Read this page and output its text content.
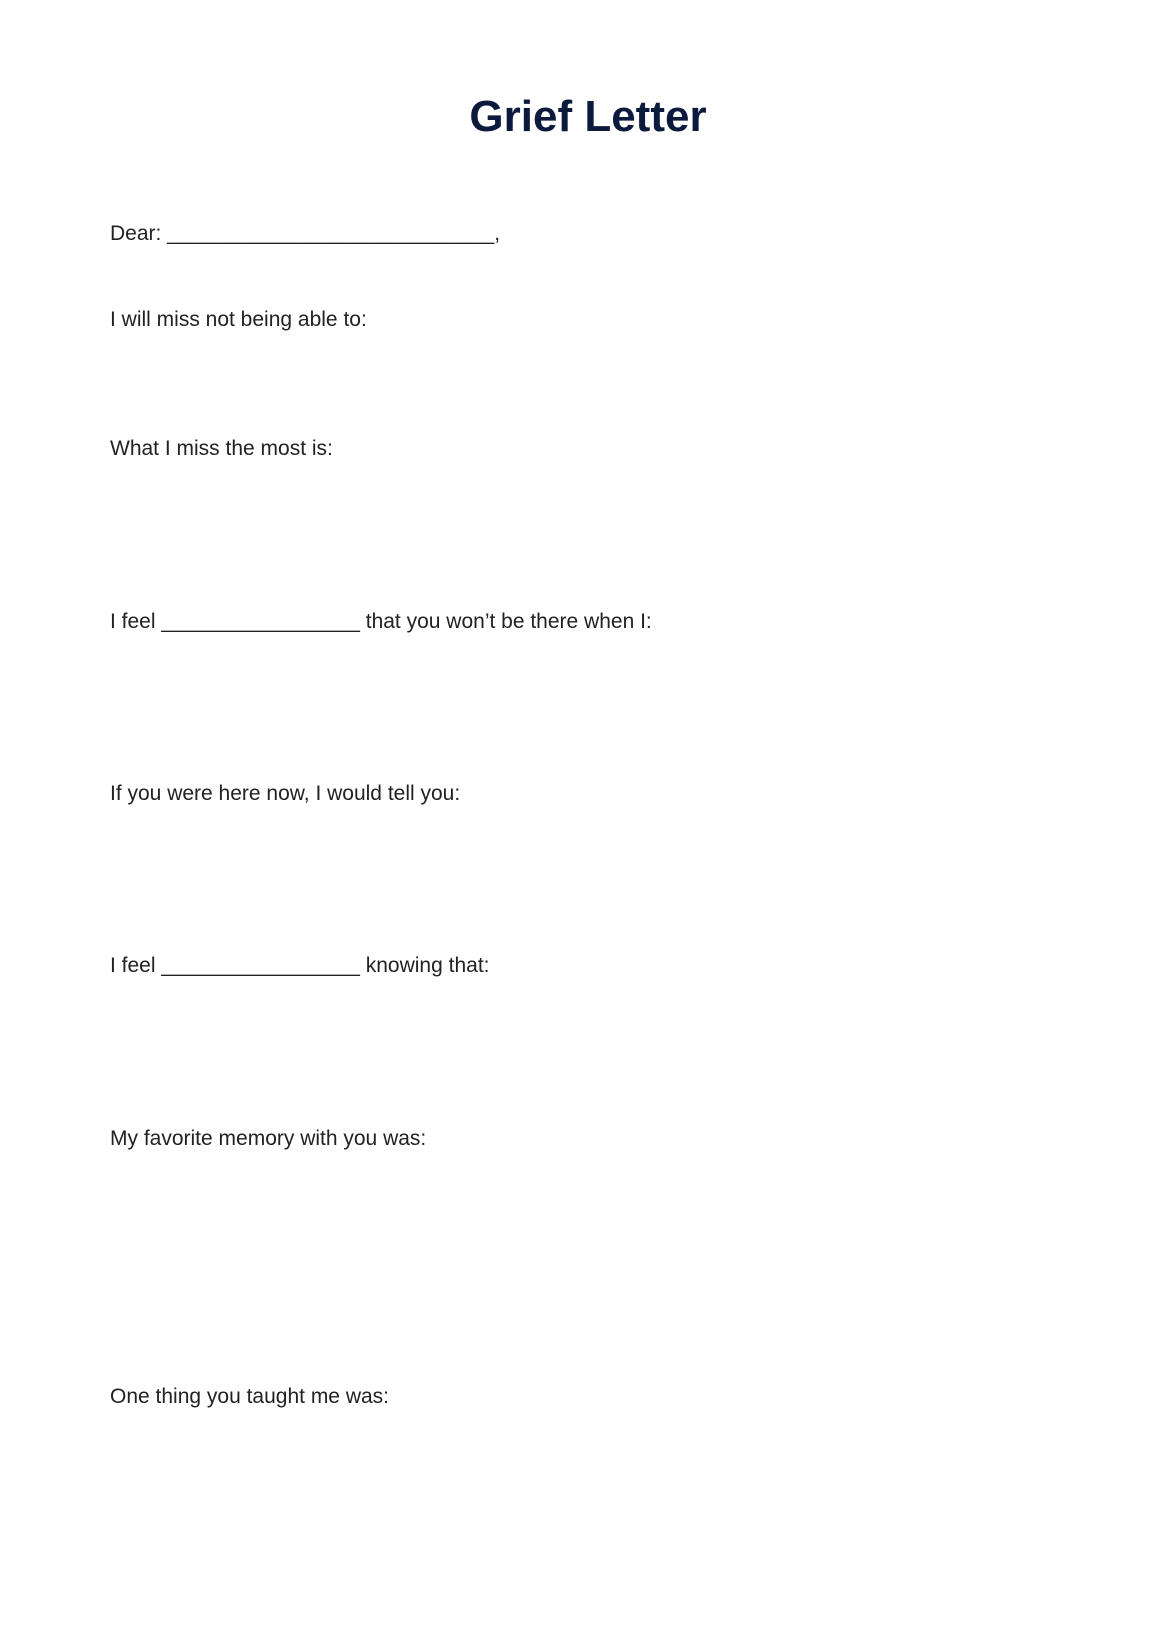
Grief Letter

Dear: ____________________________,

I will miss not being able to:

What I miss the most is:

I feel _________________ that you won’t be there when I:

If you were here now, I would tell you:

I feel _________________ knowing that:

My favorite memory with you was:

One thing you taught me was:
